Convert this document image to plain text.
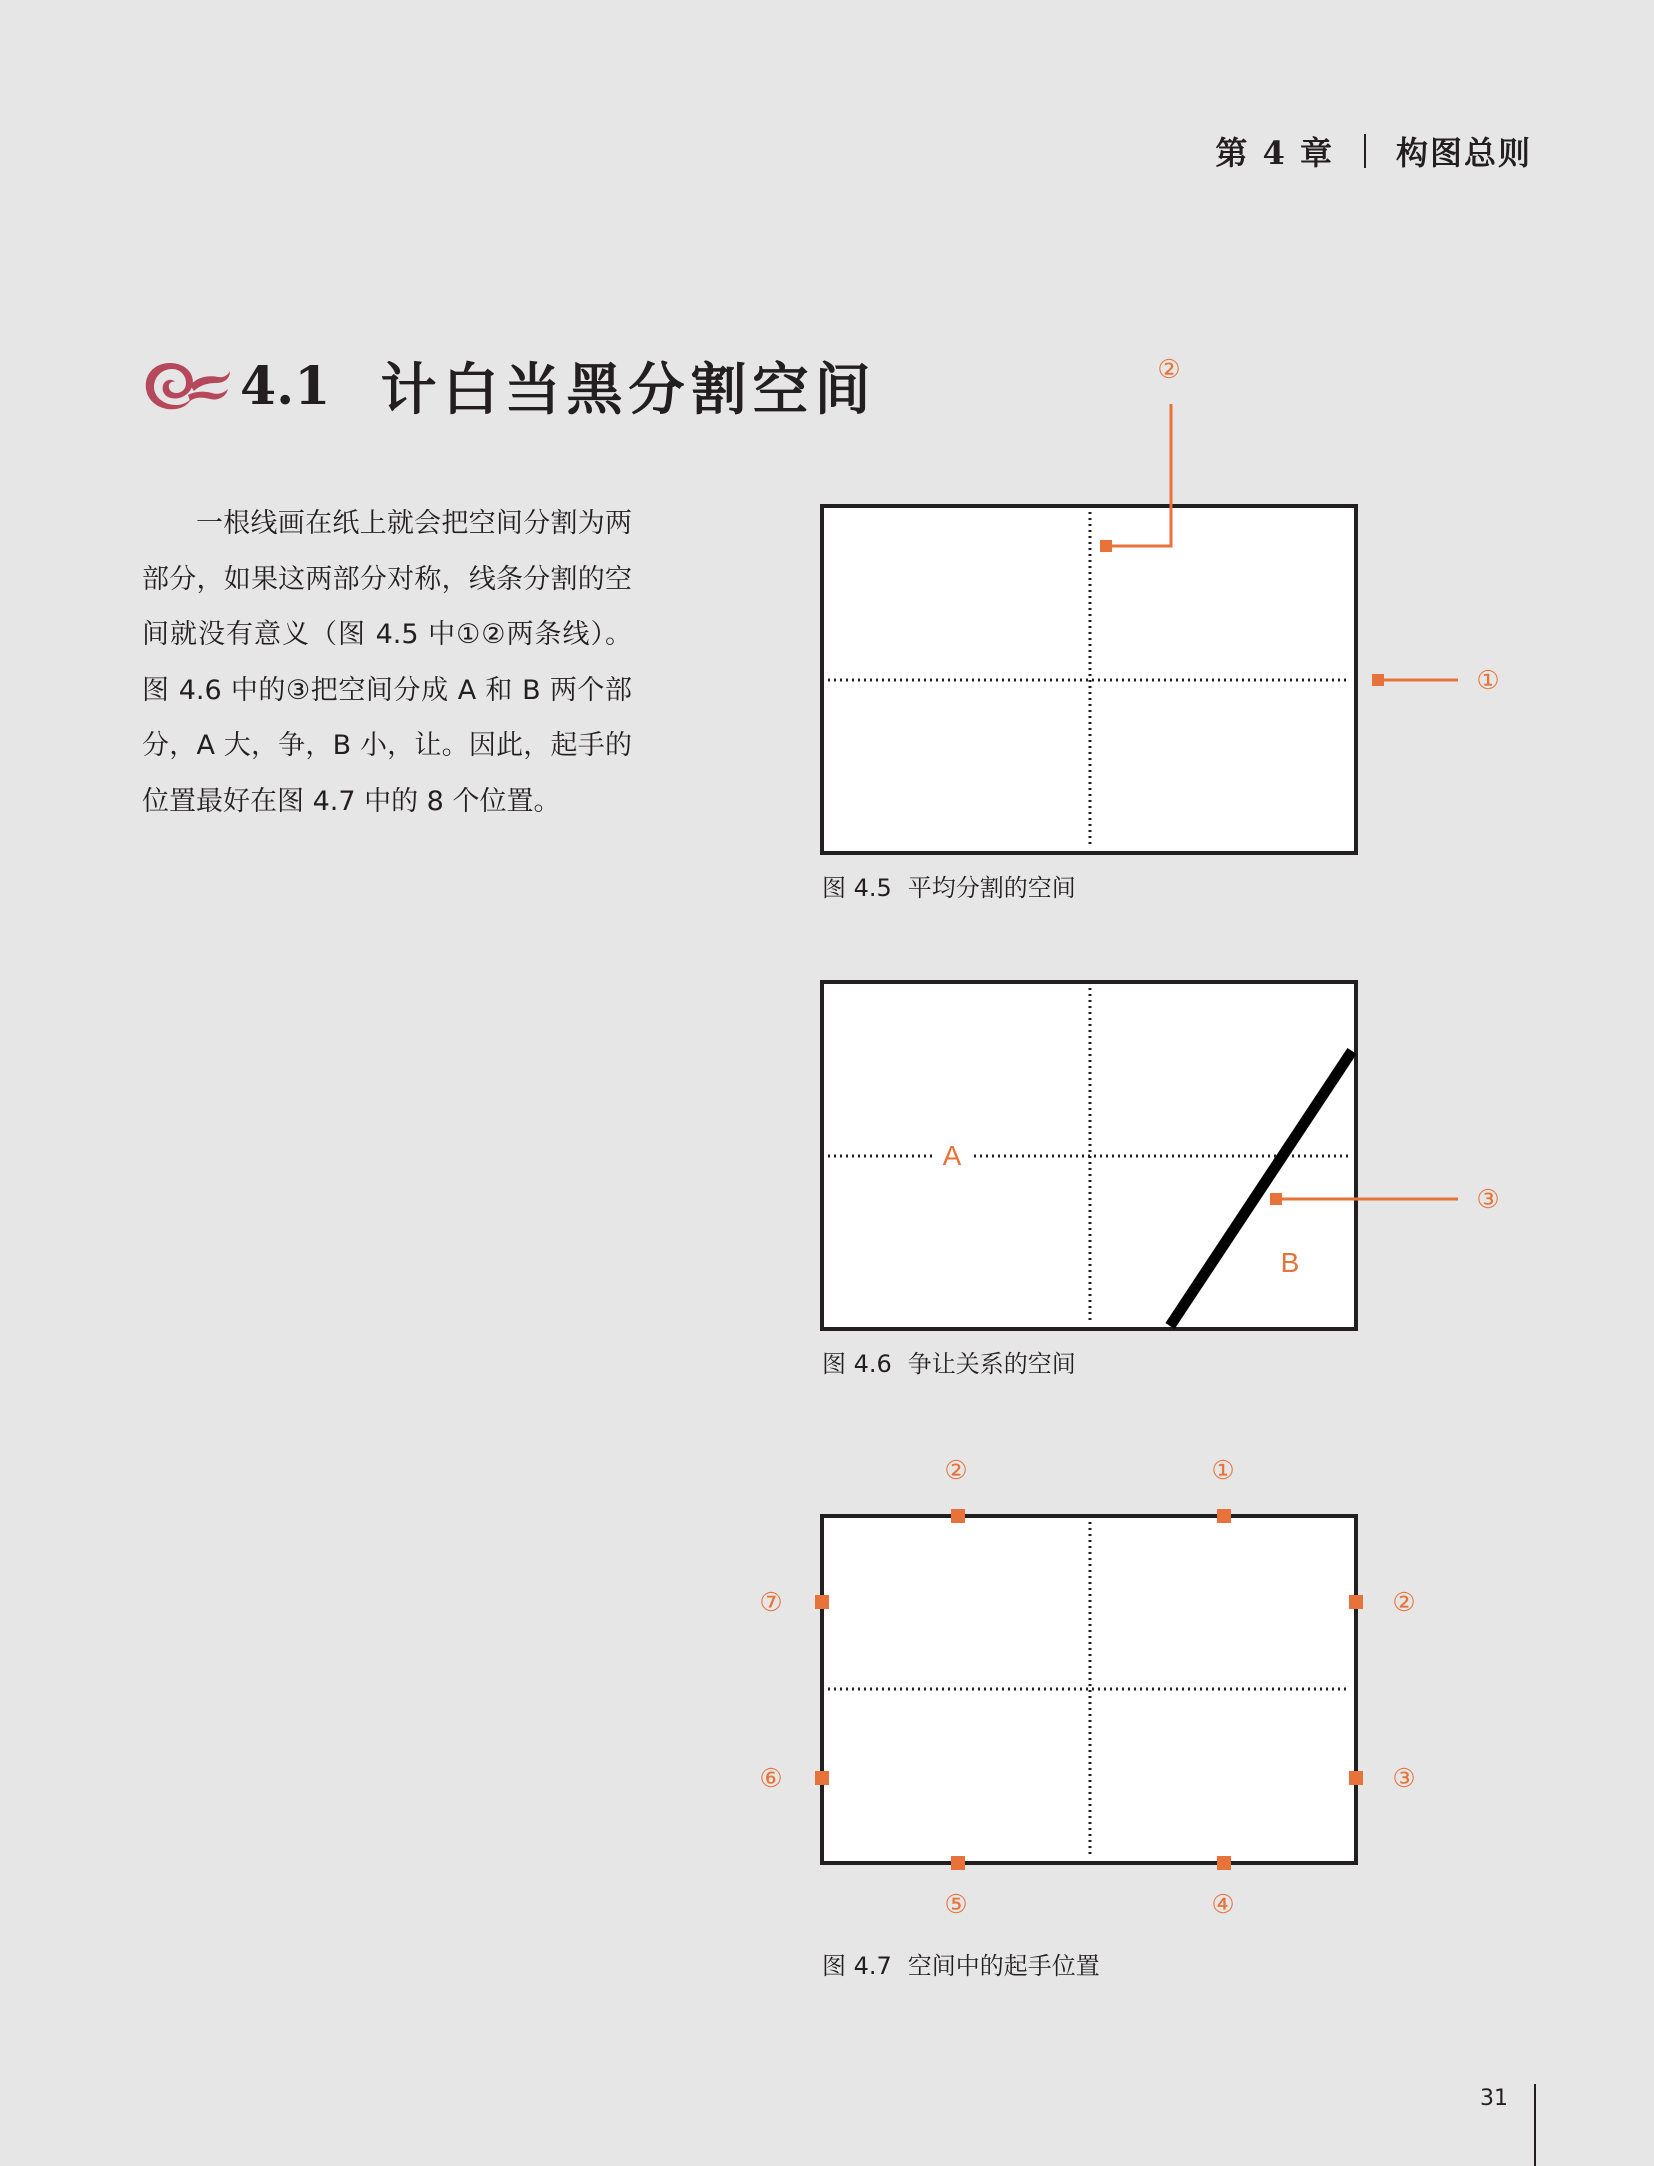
第 4 章 构图总则
4.1 计白当黑分割空间

一根线画在纸上就会把空间分割为两部分，如果这两部分对称，线条分割的空间就没有意义（图 4.5 中①②两条线）。图 4.6 中的③把空间分成 A 和 B 两个部分，A 大，争，B 小，让。因此，起手的位置最好在图 4.7 中的 8 个位置。

②
①
图 4.5 平均分割的空间
A
B
③
图 4.6 争让关系的空间
②	①
②
③
④
⑤
⑥
⑦
图 4.7 空间中的起手位置
31
